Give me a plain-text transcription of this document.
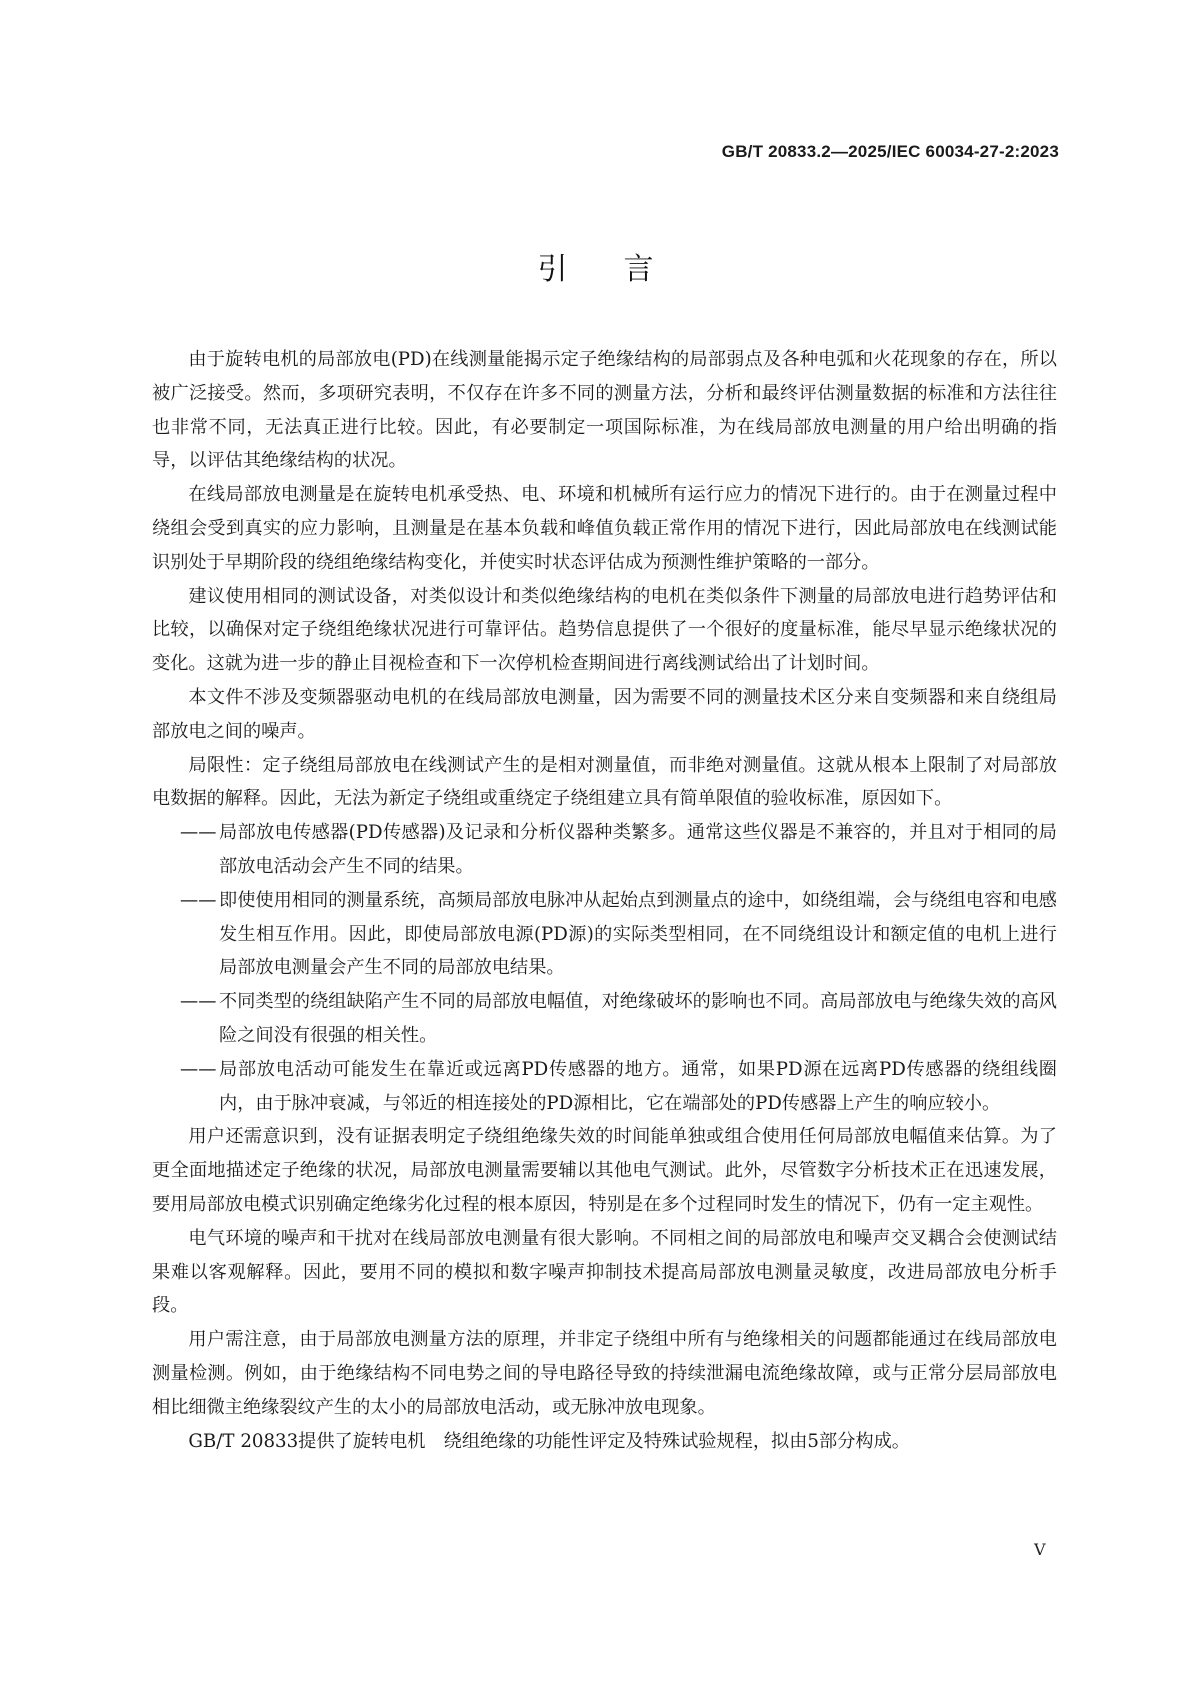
GB/T 20833.2—2025/IEC 60034-27-2:2023
引言

由于旋转电机的局部放电(PD)在线测量能揭示定子绝缘结构的局部弱点及各种电弧和火花现象的存在，所以被广泛接受。然而，多项研究表明，不仅存在许多不同的测量方法，分析和最终评估测量数据的标准和方法往往也非常不同，无法真正进行比较。因此，有必要制定一项国际标准，为在线局部放电测量的用户给出明确的指导，以评估其绝缘结构的状况。

在线局部放电测量是在旋转电机承受热、电、环境和机械所有运行应力的情况下进行的。由于在测量过程中绕组会受到真实的应力影响，且测量是在基本负载和峰值负载正常作用的情况下进行，因此局部放电在线测试能识别处于早期阶段的绕组绝缘结构变化，并使实时状态评估成为预测性维护策略的一部分。

建议使用相同的测试设备，对类似设计和类似绝缘结构的电机在类似条件下测量的局部放电进行趋势评估和比较，以确保对定子绕组绝缘状况进行可靠评估。趋势信息提供了一个很好的度量标准，能尽早显示绝缘状况的变化。这就为进一步的静止目视检查和下一次停机检查期间进行离线测试给出了计划时间。

本文件不涉及变频器驱动电机的在线局部放电测量，因为需要不同的测量技术区分来自变频器和来自绕组局部放电之间的噪声。

局限性：定子绕组局部放电在线测试产生的是相对测量值，而非绝对测量值。这就从根本上限制了对局部放电数据的解释。因此，无法为新定子绕组或重绕定子绕组建立具有简单限值的验收标准，原因如下。

—— 局部放电传感器(PD传感器)及记录和分析仪器种类繁多。通常这些仪器是不兼容的，并且对于相同的局部放电活动会产生不同的结果。
—— 即使使用相同的测量系统，高频局部放电脉冲从起始点到测量点的途中，如绕组端，会与绕组电容和电感发生相互作用。因此，即使局部放电源(PD源)的实际类型相同，在不同绕组设计和额定值的电机上进行局部放电测量会产生不同的局部放电结果。
—— 不同类型的绕组缺陷产生不同的局部放电幅值，对绝缘破坏的影响也不同。高局部放电与绝缘失效的高风险之间没有很强的相关性。
—— 局部放电活动可能发生在靠近或远离PD传感器的地方。通常，如果PD源在远离PD传感器的绕组线圈内，由于脉冲衰减，与邻近的相连接处的PD源相比，它在端部处的PD传感器上产生的响应较小。

用户还需意识到，没有证据表明定子绕组绝缘失效的时间能单独或组合使用任何局部放电幅值来估算。为了更全面地描述定子绝缘的状况，局部放电测量需要辅以其他电气测试。此外，尽管数字分析技术正在迅速发展，要用局部放电模式识别确定绝缘劣化过程的根本原因，特别是在多个过程同时发生的情况下，仍有一定主观性。

电气环境的噪声和干扰对在线局部放电测量有很大影响。不同相之间的局部放电和噪声交叉耦合会使测试结果难以客观解释。因此，要用不同的模拟和数字噪声抑制技术提高局部放电测量灵敏度，改进局部放电分析手段。

用户需注意，由于局部放电测量方法的原理，并非定子绕组中所有与绝缘相关的问题都能通过在线局部放电测量检测。例如，由于绝缘结构不同电势之间的导电路径导致的持续泄漏电流绝缘故障，或与正常分层局部放电相比细微主绝缘裂纹产生的太小的局部放电活动，或无脉冲放电现象。

GB/T 20833提供了旋转电机　绕组绝缘的功能性评定及特殊试验规程，拟由5部分构成。

V
